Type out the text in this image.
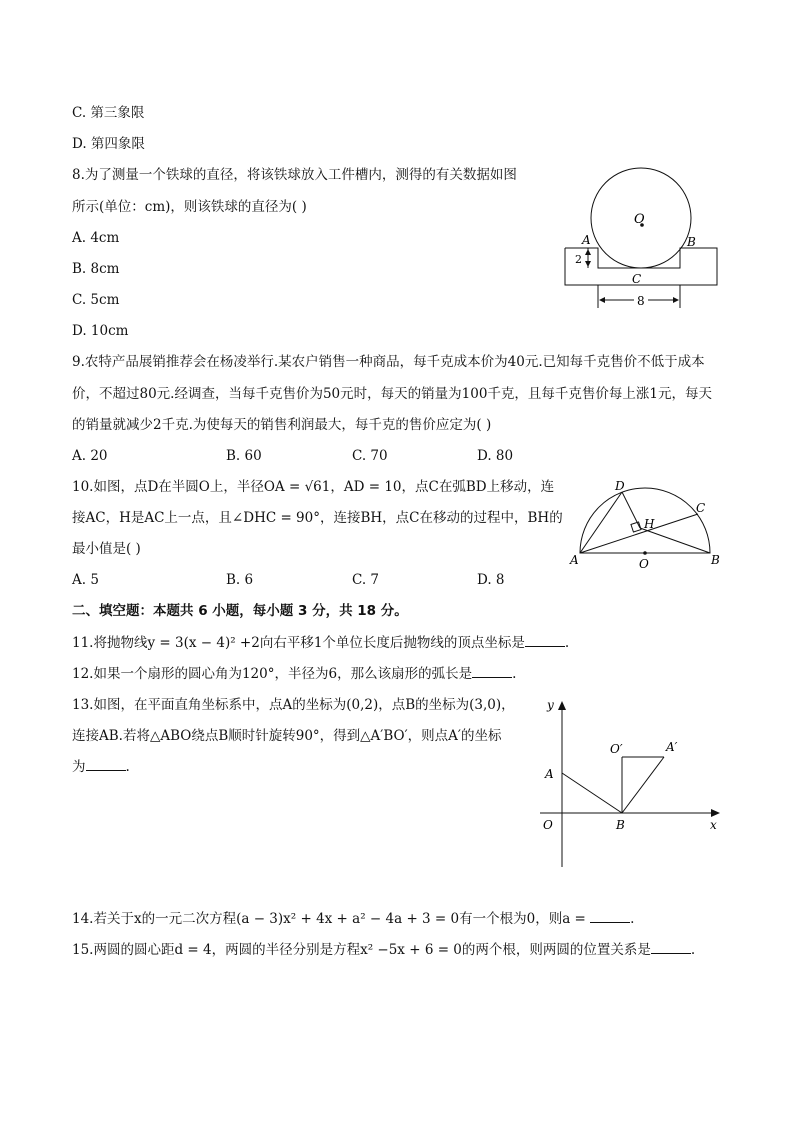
C. 第三象限
D. 第四象限
8.为了测量一个铁球的直径，将该铁球放入工件槽内，测得的有关数据如图
所示(单位：cm)，则该铁球的直径为( )
A. 4cm
B. 8cm
C. 5cm
D. 10cm
O
A	B
C
2
8
9.农特产品展销推荐会在杨凌举行.某农户销售一种商品，每千克成本价为40元.已知每千克售价不低于成本
价，不超过80元.经调查，当每千克售价为50元时，每天的销量为100千克，且每千克售价每上涨1元，每天
的销量就减少2千克.为使每天的销售利润最大，每千克的售价应定为( )
A. 20	B. 60	C. 70	D. 80
10.如图，点D在半圆O上，半径OA = √61，AD = 10，点C在弧BD上移动，连
接AC，H是AC上一点，且∠DHC = 90°，连接BH，点C在移动的过程中，BH的
最小值是( )
A. 5	B. 6	C. 7	D. 8
A	B
C
D
H
O
二、填空题：本题共 6 小题，每小题 3 分，共 18 分。
11.将抛物线y = 3(x − 4)² +2向右平移1个单位长度后抛物线的顶点坐标是	.
12.如果一个扇形的圆心角为120°，半径为6，那么该扇形的弧长是	.
13.如图，在平面直角坐标系中，点A的坐标为(0,2)，点B的坐标为(3,0)，
连接AB.若将△ABO绕点B顺时针旋转90°，得到△A′BO′，则点A′的坐标
为	.
y
x
O
A
B
O′	A′
14.若关于x的一元二次方程(a − 3)x² + 4x + a² − 4a + 3 = 0有一个根为0，则a =	.
15.两圆的圆心距d = 4，两圆的半径分别是方程x² −5x + 6 = 0的两个根，则两圆的位置关系是	.
